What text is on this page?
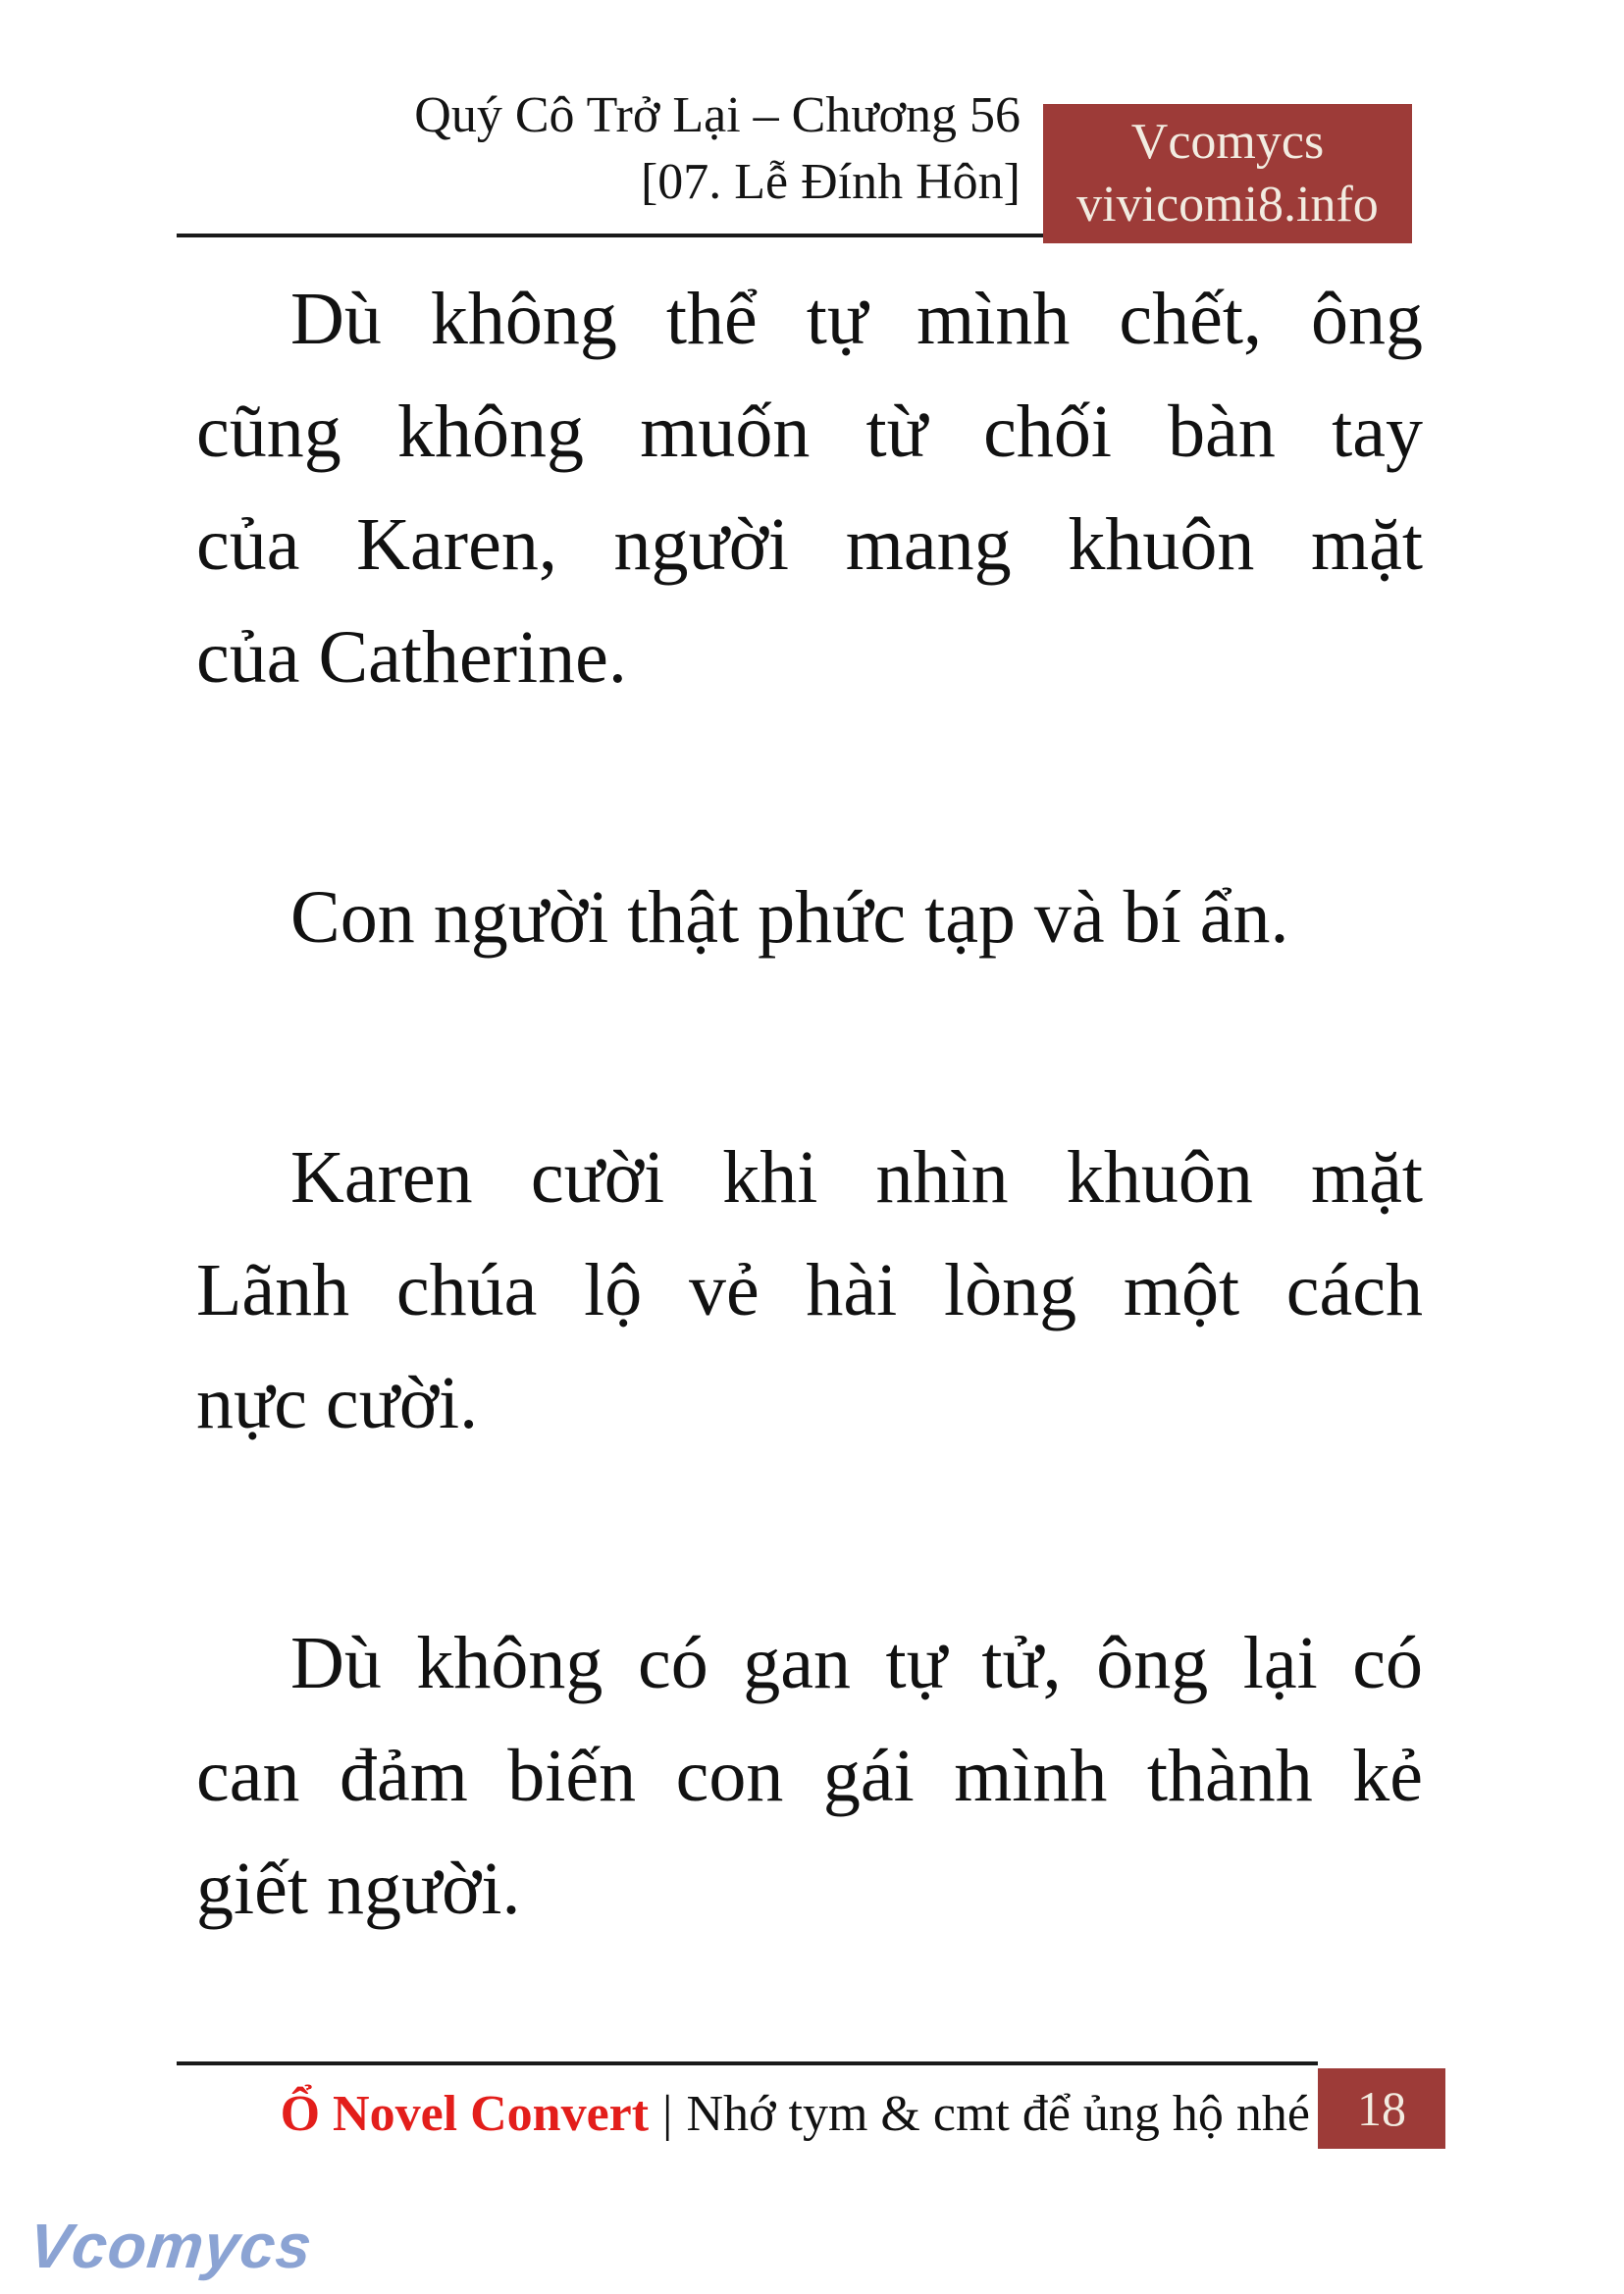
Quý Cô Trở Lại – Chương 56
[07. Lễ Đính Hôn]
Vcomycs
vivicomi8.info
Dù không thể tự mình chết, ông
cũng không muốn từ chối bàn tay
của Karen, người mang khuôn mặt
của Catherine.
Con người thật phức tạp và bí ẩn.
Karen cười khi nhìn khuôn mặt
Lãnh chúa lộ vẻ hài lòng một cách
nực cười.
Dù không có gan tự tử, ông lại có
can đảm biến con gái mình thành kẻ
giết người.
Ổ Novel Convert | Nhớ tym & cmt để ủng hộ nhé 18
Vcomycs
